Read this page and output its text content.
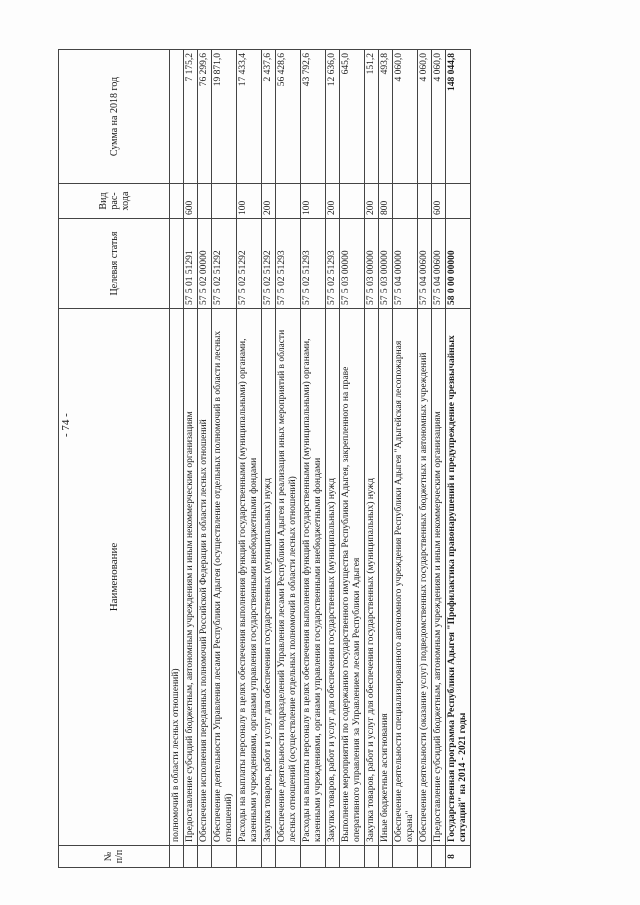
- 74 -
№ п/п	Наименование	Целевая статья	Вид рас-хода	Сумма на 2018 год
	полномочий в области лесных отношений)			
	Предоставление субсидий бюджетным, автономным учреждениям и иным некоммерческим организациям	57 5 01 51291	600	7 175,2
	Обеспечение исполнения переданных полномочий Российской Федерации в области лесных отношений	57 5 02 00000		76 299,6
	Обеспечение деятельности Управления лесами Республики Адыгея (осуществление отдельных полномочий в области лесных отношений)	57 5 02 51292		19 871,0
	Расходы на выплаты персоналу в целях обеспечения выполнения функций государственными (муниципальными) органами, казенными учреждениями, органами управления государственными внебюджетными фондами	57 5 02 51292	100	17 433,4
	Закупка товаров, работ и услуг для обеспечения государственных (муниципальных) нужд	57 5 02 51292	200	2 437,6
	Обеспечение деятельности подразделений Управления лесами Республики Адыгея и реализация иных мероприятий в области лесных отношений (осуществление отдельных полномочий в области лесных отношений)	57 5 02 51293		56 428,6
	Расходы на выплаты персоналу в целях обеспечения выполнения функций государственными (муниципальными) органами, казенными учреждениями, органами управления государственными внебюджетными фондами	57 5 02 51293	100	43 792,6
	Закупка товаров, работ и услуг для обеспечения государственных (муниципальных) нужд	57 5 02 51293	200	12 636,0
	Выполнение мероприятий по содержанию государственного имущества Республики Адыгея, закрепленного на праве оперативного управления за Управлением лесами Республики Адыгея	57 5 03 00000		645,0
	Закупка товаров, работ и услуг для обеспечения государственных (муниципальных) нужд	57 5 03 00000	200	151,2
	Иные бюджетные ассигнования	57 5 03 00000	800	493,8
	Обеспечение деятельности специализированного автономного учреждения Республики Адыгея "Адыгейская лесопожарная охрана"	57 5 04 00000		4 060,0
	Обеспечение деятельности (оказание услуг) подведомственных государственных бюджетных и автономных учреждений	57 5 04 00600		4 060,0
	Предоставление субсидий бюджетным, автономным учреждениям и иным некоммерческим организациям	57 5 04 00600	600	4 060,0
8	Государственная программа Республики Адыгея "Профилактика правонарушений и предупреждение чрезвычайных ситуаций" на 2014 - 2021 годы	58 0 00 00000		148 044,8
